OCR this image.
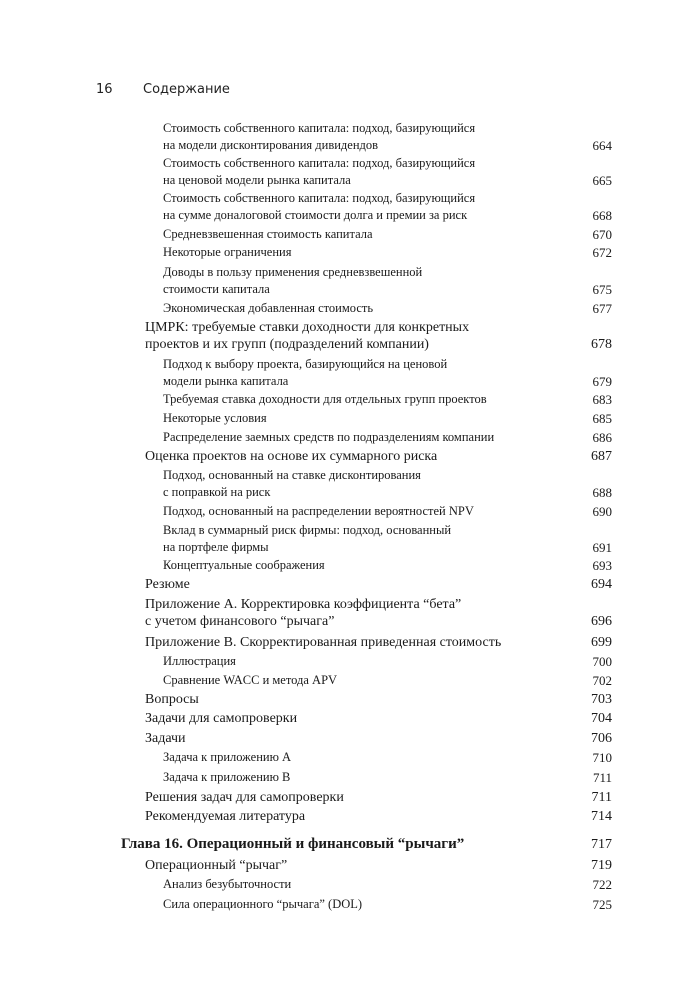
16 Содержание
Стоимость собственного капитала: подход, базирующийся
на модели дисконтирования дивидендов	664
Стоимость собственного капитала: подход, базирующийся
на ценовой модели рынка капитала	665
Стоимость собственного капитала: подход, базирующийся
на сумме доналоговой стоимости долга и премии за риск	668
Средневзвешенная стоимость капитала	670
Некоторые ограничения	672
Доводы в пользу применения средневзвешенной
стоимости капитала	675
Экономическая добавленная стоимость	677
ЦМРК: требуемые ставки доходности для конкретных
проектов и их групп (подразделений компании)	678
Подход к выбору проекта, базирующийся на ценовой
модели рынка капитала	679
Требуемая ставка доходности для отдельных групп проектов	683
Некоторые условия	685
Распределение заемных средств по подразделениям компании	686
Оценка проектов на основе их суммарного риска	687
Подход, основанный на ставке дисконтирования
с поправкой на риск	688
Подход, основанный на распределении вероятностей NPV	690
Вклад в суммарный риск фирмы: подход, основанный
на портфеле фирмы	691
Концептуальные соображения	693
Резюме	694
Приложение А. Корректировка коэффициента “бета”
с учетом финансового “рычага”	696
Приложение В. Скорректированная приведенная стоимость	699
Иллюстрация	700
Сравнение WACC и метода APV	702
Вопросы	703
Задачи для самопроверки	704
Задачи	706
Задача к приложению А	710
Задача к приложению В	711
Решения задач для самопроверки	711
Рекомендуемая литература	714
Глава 16. Операционный и финансовый “рычаги”	717
Операционный “рычаг”	719
Анализ безубыточности	722
Сила операционного “рычага” (DOL)	725
